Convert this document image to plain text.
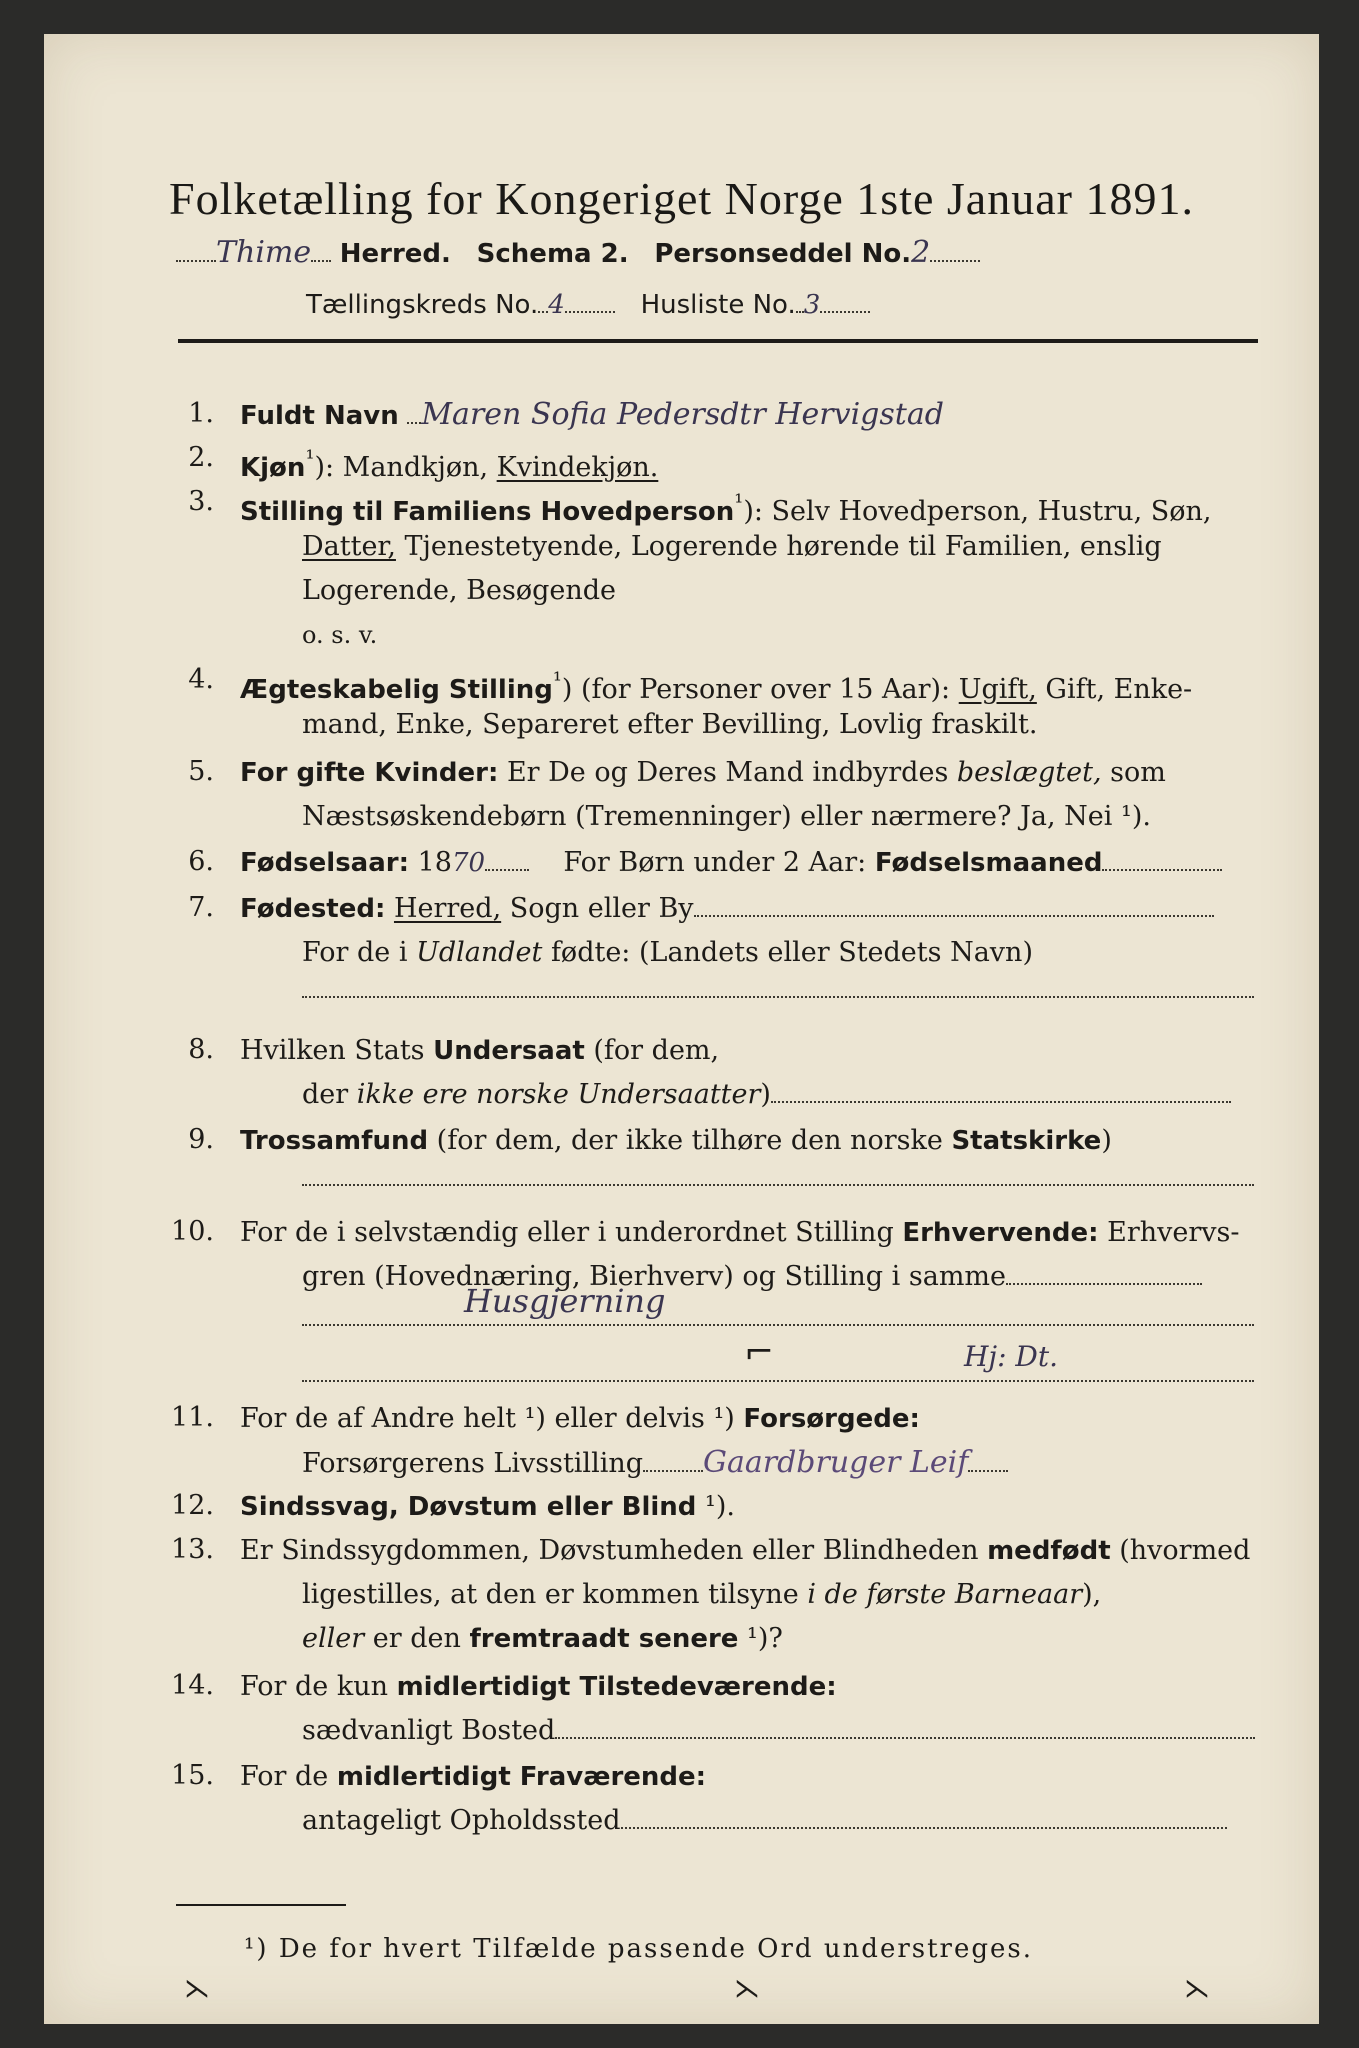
Folketælling for Kongeriget Norge 1ste Januar 1891.
Thime Herred. Schema 2. Personseddel No.2
Tællingskreds No. 4	Husliste No. 3
1. Fuldt Navn Maren Sofia Pedersdtr Hervigstad
2. Kjøn$^{^1}$): Mandkjøn, Kvindekjøn.
3. Stilling til Familiens Hovedperson$^{^1}$): Selv Hovedperson, Hustru, Søn,
Datter, Tjenestetyende, Logerende hørende til Familien, enslig
Logerende, Besøgende
o. s. v.
4. Ægteskabelig Stilling$^{^1}$) (for Personer over 15 Aar): Ugift, Gift, Enke-
mand, Enke, Separeret efter Bevilling, Lovlig fraskilt.
5. For gifte Kvinder: Er De og Deres Mand indbyrdes beslægtet, som
Næstsøskendebørn (Tremenninger) eller nærmere? Ja, Nei ¹).
6. Fødselsaar: 1870	For Børn under 2 Aar: Fødselsmaaned
7. Fødested: Herred, Sogn eller By
For de i Udlandet fødte: (Landets eller Stedets Navn)
8. Hvilken Stats Undersaat (for dem,
der ikke ere norske Undersaatter)
9. Trossamfund (for dem, der ikke tilhøre den norske Statskirke)
10. For de i selvstændig eller i underordnet Stilling Erhvervende: Erhvervs-
gren (Hovednæring, Bierhverv) og Stilling i samme
Husgjerning
Hj: Dt.
⌐
11. For de af Andre helt ¹) eller delvis ¹) Forsørgede:
Forsørgerens Livsstilling Gaardbruger Leif
12. Sindssvag, Døvstum eller Blind ¹).
13. Er Sindssygdommen, Døvstumheden eller Blindheden medfødt (hvormed
ligestilles, at den er kommen tilsyne i de første Barneaar),
eller er den fremtraadt senere ¹)?
14. For de kun midlertidigt Tilstedeværende:
sædvanligt Bosted
15. For de midlertidigt Fraværende:
antageligt Opholdssted
¹) De for hvert Tilfælde passende Ord understreges.
⋋	⋋	⋋
